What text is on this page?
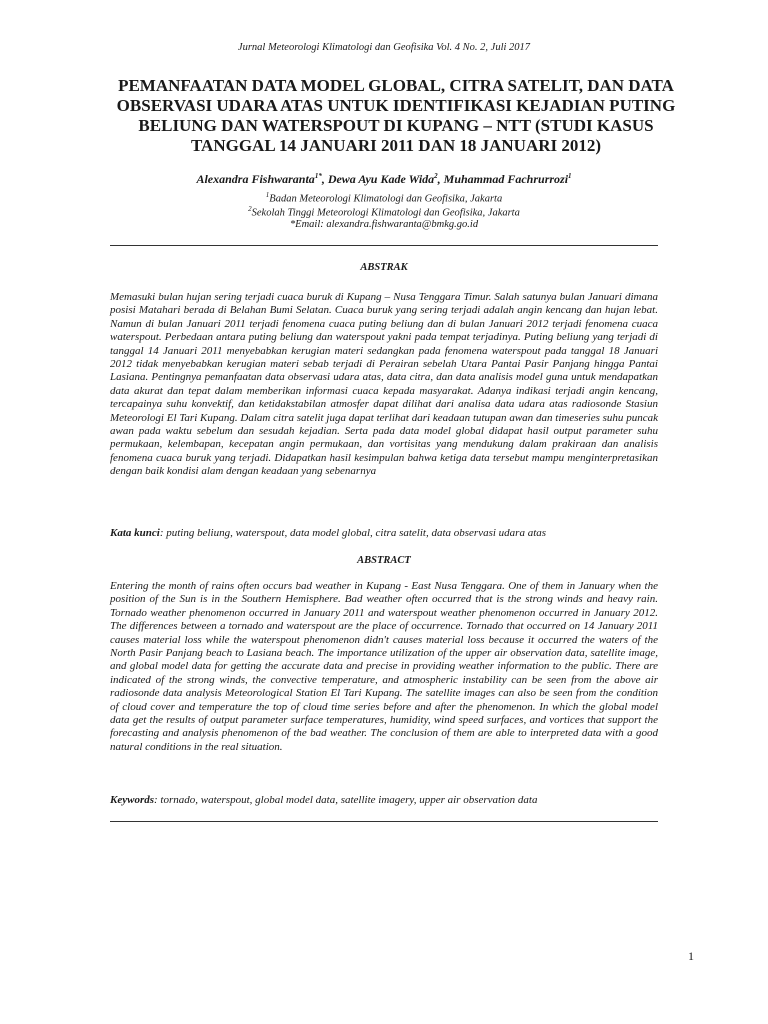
Jurnal Meteorologi Klimatologi dan Geofisika Vol. 4 No. 2, Juli 2017
PEMANFAATAN DATA MODEL GLOBAL, CITRA SATELIT, DAN DATA OBSERVASI UDARA ATAS UNTUK IDENTIFIKASI KEJADIAN PUTING BELIUNG DAN WATERSPOUT DI KUPANG – NTT (STUDI KASUS TANGGAL 14 JANUARI 2011 DAN 18 JANUARI 2012)
Alexandra Fishwaranta$^{1*}$, Dewa Ayu Kade Wida$^2$, Muhammad Fachrurrozi$^1$
$^1$Badan Meteorologi Klimatologi dan Geofisika, Jakarta
$^2$Sekolah Tinggi Meteorologi Klimatologi dan Geofisika, Jakarta
*Email: alexandra.fishwaranta@bmkg.go.id
ABSTRAK

Memasuki bulan hujan sering terjadi cuaca buruk di Kupang – Nusa Tenggara Timur. Salah satunya bulan Januari dimana posisi Matahari berada di Belahan Bumi Selatan. Cuaca buruk yang sering terjadi adalah angin kencang dan hujan lebat. Namun di bulan Januari 2011 terjadi fenomena cuaca puting beliung dan di bulan Januari 2012 terjadi fenomena cuaca waterspout. Perbedaan antara puting beliung dan waterspout yakni pada tempat terjadinya. Puting beliung yang terjadi di tanggal 14 Januari 2011 menyebabkan kerugian materi sedangkan pada fenomena waterspout pada tanggal 18 Januari 2012 tidak menyebabkan kerugian materi sebab terjadi di Perairan sebelah Utara Pantai Pasir Panjang hingga Pantai Lasiana. Pentingnya pemanfaatan data observasi udara atas, data citra, dan data analisis model guna untuk mendapatkan data akurat dan tepat dalam memberikan informasi cuaca kepada masyarakat. Adanya indikasi terjadi angin kencang, tercapainya suhu konvektif, dan ketidakstabilan atmosfer dapat dilihat dari analisa data udara atas radiosonde Stasiun Meteorologi El Tari Kupang. Dalam citra satelit juga dapat terlihat dari keadaan tutupan awan dan timeseries suhu puncak awan pada waktu sebelum dan sesudah kejadian. Serta pada data model global didapat hasil output parameter suhu permukaan, kelembapan, kecepatan angin permukaan, dan vortisitas yang mendukung dalam prakiraan dan analisis fenomena cuaca buruk yang terjadi. Didapatkan hasil kesimpulan bahwa ketiga data tersebut mampu menginterpretasikan dengan baik kondisi alam dengan keadaan yang sebenarnya

Kata kunci: puting beliung, waterspout, data model global, citra satelit, data observasi udara atas

ABSTRACT

Entering the month of rains often occurs bad weather in Kupang - East Nusa Tenggara. One of them in January when the position of the Sun is in the Southern Hemisphere. Bad weather often occurred that is the strong winds and heavy rain. Tornado weather phenomenon occurred in January 2011 and waterspout weather phenomenon occurred in January 2012. The differences between a tornado and waterspout are the place of occurrence. Tornado that occurred on 14 January 2011 causes material loss while the waterspout phenomenon didn't causes material loss because it occurred the waters of the North Pasir Panjang beach to Lasiana beach. The importance utilization of the upper air observation data, satellite image, and global model data for getting the accurate data and precise in providing weather information to the public. There are indicated of the strong winds, the convective temperature, and atmospheric instability can be seen from the above air radiosonde data analysis Meteorological Station El Tari Kupang. The satellite images can also be seen from the condition of cloud cover and temperature the top of cloud time series before and after the phenomenon. In which the global model data get the results of output parameter surface temperatures, humidity, wind speed surfaces, and vortices that support the forecasting and analysis phenomenon of the bad weather. The conclusion of them are able to interpreted data with a good natural conditions in the real situation.

Keywords: tornado, waterspout, global model data, satellite imagery, upper air observation data

1
